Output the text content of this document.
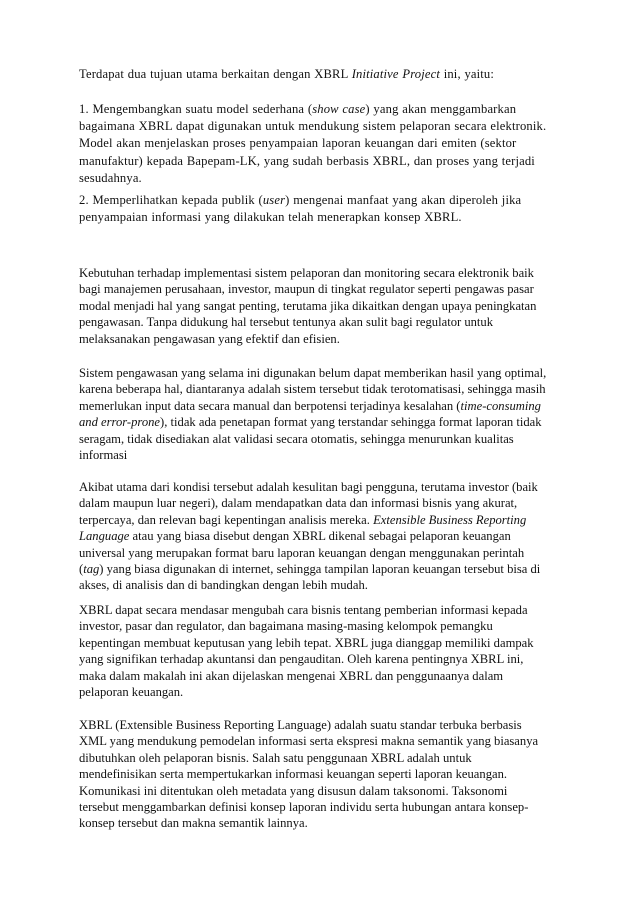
Terdapat dua tujuan utama berkaitan dengan XBRL Initiative Project ini, yaitu:

1. Mengembangkan suatu model sederhana (show case) yang akan menggambarkan bagaimana XBRL dapat digunakan untuk mendukung sistem pelaporan secara elektronik. Model akan menjelaskan proses penyampaian laporan keuangan dari emiten (sektor manufaktur) kepada Bapepam-LK, yang sudah berbasis XBRL, dan proses yang terjadi sesudahnya.

2. Memperlihatkan kepada publik (user) mengenai manfaat yang akan diperoleh jika penyampaian informasi yang dilakukan telah menerapkan konsep XBRL.

Kebutuhan terhadap implementasi sistem pelaporan dan monitoring secara elektronik baik bagi manajemen perusahaan, investor, maupun di tingkat regulator seperti pengawas pasar modal menjadi hal yang sangat penting, terutama jika dikaitkan dengan upaya peningkatan pengawasan. Tanpa didukung hal tersebut tentunya akan sulit bagi regulator untuk melaksanakan pengawasan yang efektif dan efisien.

Sistem pengawasan yang selama ini digunakan belum dapat memberikan hasil yang optimal, karena beberapa hal, diantaranya adalah sistem tersebut tidak terotomatisasi, sehingga masih memerlukan input data secara manual dan berpotensi terjadinya kesalahan (time-consuming and error-prone), tidak ada penetapan format yang terstandar sehingga format laporan tidak seragam, tidak disediakan alat validasi secara otomatis, sehingga menurunkan kualitas informasi

Akibat utama dari kondisi tersebut adalah kesulitan bagi pengguna, terutama investor (baik dalam maupun luar negeri), dalam mendapatkan data dan informasi bisnis yang akurat, terpercaya, dan relevan bagi kepentingan analisis mereka. Extensible Business Reporting Language atau yang biasa disebut dengan XBRL dikenal sebagai pelaporan keuangan universal yang merupakan format baru laporan keuangan dengan menggunakan perintah (tag) yang biasa digunakan di internet, sehingga tampilan laporan keuangan tersebut bisa di akses, di analisis dan di bandingkan dengan lebih mudah.

XBRL dapat secara mendasar mengubah cara bisnis tentang pemberian informasi kepada investor, pasar dan regulator, dan bagaimana masing-masing kelompok pemangku kepentingan membuat keputusan yang lebih tepat. XBRL juga dianggap memiliki dampak yang signifikan terhadap akuntansi dan pengauditan. Oleh karena pentingnya XBRL ini, maka dalam makalah ini akan dijelaskan mengenai XBRL dan penggunaanya dalam pelaporan keuangan.

XBRL (Extensible Business Reporting Language) adalah suatu standar terbuka berbasis XML yang mendukung pemodelan informasi serta ekspresi makna semantik yang biasanya dibutuhkan oleh pelaporan bisnis. Salah satu penggunaan XBRL adalah untuk mendefinisikan serta mempertukarkan informasi keuangan seperti laporan keuangan. Komunikasi ini ditentukan oleh metadata yang disusun dalam taksonomi. Taksonomi tersebut menggambarkan definisi konsep laporan individu serta hubungan antara konsep-konsep tersebut dan makna semantik lainnya.
